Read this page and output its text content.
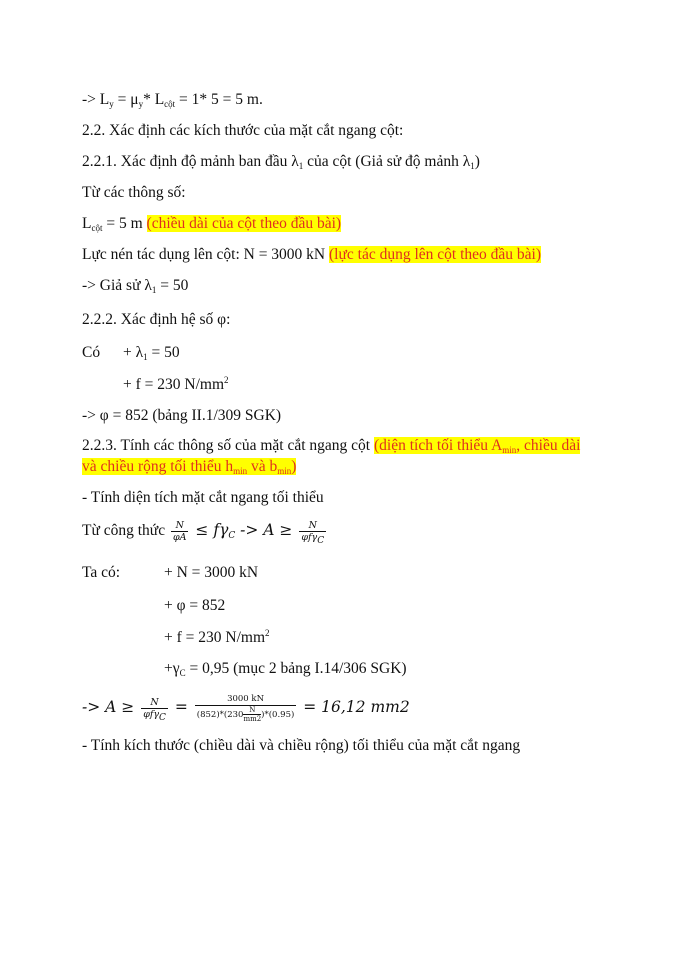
-> $L_y = \mu_y*$ $L_{cột} = 1*$ 5 = 5 m.
2.2. Xác định các kích thước của mặt cắt ngang cột:
2.2.1. Xác định độ mảnh ban đầu $\lambda_1$ của cột (Giả sử độ mảnh $\lambda_1$)
Từ các thông số:
$L_{cột} = 5$ m (chiều dài của cột theo đầu bài)
Lực nén tác dụng lên cột: N = 3000 kN (lực tác dụng lên cột theo đầu bài)
-> Giả sử $\lambda_1 = 50$
2.2.2. Xác định hệ số φ:
Có + $\lambda_1 = 50$
+ f = 230 $N/mm^2$
-> φ = 852 (bảng II.1/309 SGK)
2.2.3. Tính các thông số của mặt cắt ngang cột (diện tích tối thiểu $A_{min}$, chiều dài
và chiều rộng tối thiểu $h_{min}$ và $b_{min}$)
- Tính diện tích mặt cắt ngang tối thiểu
Từ công thức $\frac{N}{\varphi A} \le f\gamma_C -> A \ge \frac{N}{\varphi f\gamma_C}$
Ta có:	+ N = 3000 kN
+ φ = 852
+ f = 230 $N/mm^2$
$+\gamma_C = 0,95$ (mục 2 bảng I.14/306 SGK)
-> $A \ge \frac{N}{\varphi f\gamma_C} = \frac{3000 kN}{(852)*(230 \frac{N}{mm2} )*(0.95)} = 16,12$ mm2
- Tính kích thước (chiều dài và chiều rộng) tối thiểu của mặt cắt ngang
